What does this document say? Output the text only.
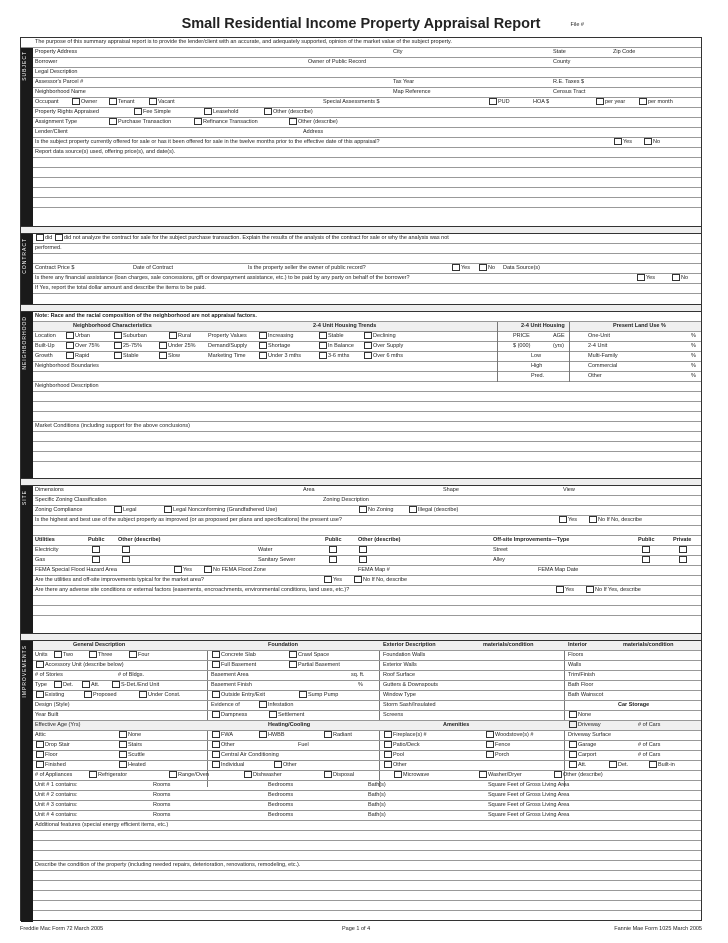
Small Residential Income Property Appraisal Report	File #
SUBJECT
CONTRACT
NEIGHBORHOOD
SITE
IMPROVEMENTS
The purpose of this summary appraisal report is to provide the lender/client with an accurate, and adequately supported, opinion of the market value of the subject property.
Property Address	City	State	Zip Code
Borrower	Owner of Public Record	County
Legal Description
Assessor's Parcel #	Tax Year	R.E. Taxes $
Neighborhood Name	Map Reference	Census Tract
Occupant	Owner	Tenant	Vacant	Special Assessments $	PUD	HOA $	per year	per month
Property Rights Appraised	Fee Simple	Leasehold	Other (describe)
Assignment Type	Purchase Transaction	Refinance Transaction	Other (describe)
Lender/Client	Address
Is the subject property currently offered for sale or has it been offered for sale in the twelve months prior to the effective date of this appraisal?	Yes	No
Report data source(s) used, offering price(s), and date(s).
did did not analyze the contract for sale for the subject purchase transaction. Explain the results of the analysis of the contract for sale or why the analysis was not
performed.
Contract Price $	Date of Contract	Is the property seller the owner of public record?	Yes	No Data Source(s)
Is there any financial assistance (loan charges, sale concessions, gift or downpayment assistance, etc.) to be paid by any party on behalf of the borrower?	Yes	No
If Yes, report the total dollar amount and describe the items to be paid.
Note: Race and the racial composition of the neighborhood are not appraisal factors.
Neighborhood Characteristics	2-4 Unit Housing Trends	2-4 Unit Housing	Present Land Use %
Location	Urban	Suburban	Rural	Property Values	Increasing	Stable	Declining	PRICE	AGE	One-Unit	%
Built-Up	Over 75%	25-75%	Under 25% Demand/Supply	Shortage	In Balance	Over Supply	$ (000)	(yrs)	2-4 Unit	%
Growth	Rapid	Stable	Slow	Marketing Time	Under 3 mths	3-6 mths	Over 6 mths	Low	Multi-Family	%
Neighborhood Boundaries	High	Commercial	%
Pred.	Other	%
Neighborhood Description
Market Conditions (including support for the above conclusions)
Dimensions	Area	Shape	View
Specific Zoning Classification	Zoning Description
Zoning Compliance	Legal	Legal Nonconforming (Grandfathered Use)	No Zoning	Illegal (describe)
Is the highest and best use of the subject property as improved (or as proposed per plans and specifications) the present use?	Yes	No If No, describe
Utilities	Public Other (describe)	Public	Other (describe)	Off-site Improvements—Type	Public	Private
Electricity	Water	Street
Gas	Sanitary Sewer	Alley
FEMA Special Flood Hazard Area	Yes	No FEMA Flood Zone	FEMA Map #	FEMA Map Date
Are the utilities and off-site improvements typical for the market area?	Yes	No If No, describe
Are there any adverse site conditions or external factors (easements, encroachments, environmental conditions, land uses, etc.)?	Yes	No If Yes, describe
General Description	Foundation	Exterior Description	materials/condition	Interior	materials/condition
Units	Two	Three	Four	Concrete Slab	Crawl Space	Foundation Walls	Floors
Accessory Unit (describe below)	Full Basement	Partial Basement	Exterior Walls	Walls
# of Stories	# of Bldgs.	Basement Area	sq. ft.	Roof Surface	Trim/Finish
Type	Det.	Att.	S-Det./End Unit	Basement Finish	%	Gutters & Downspouts	Bath Floor
Existing	Proposed	Under Const.	Outside Entry/Exit	Sump Pump	Window Type	Bath Wainscot
Design (Style)	Evidence of	Infestation	Storm Sash/Insulated	Car Storage
Year Built	Dampness	Settlement	Screens	None
Effective Age (Yrs)	Heating/Cooling	Amenities	Driveway	# of Cars
Attic	None	FWA	HWBB	Radiant	Fireplace(s) #	Woodstove(s) #	Driveway Surface
Drop Stair	Stairs	Other	Fuel	Patio/Deck	Fence	Garage	# of Cars
Floor	Scuttle	Central Air Conditioning	Pool	Porch	Carport	# of Cars
Finished	Heated	Individual	Other	Other	Att.	Det.	Built-in
# of Appliances	Refrigerator	Range/Oven	Dishwasher	Disposal	Microwave	Washer/Dryer	Other (describe)
Unit # 1 contains:	Rooms	Bedrooms	Bath(s)	Square Feet of Gross Living Area
Unit # 2 contains:	Rooms	Bedrooms	Bath(s)	Square Feet of Gross Living Area
Unit # 3 contains:	Rooms	Bedrooms	Bath(s)	Square Feet of Gross Living Area
Unit # 4 contains:	Rooms	Bedrooms	Bath(s)	Square Feet of Gross Living Area
Additional features (special energy efficient items, etc.)
Describe the condition of the property (including needed repairs, deterioration, renovations, remodeling, etc.).
Freddie Mac Form 72 March 2005	Page 1 of 4	Fannie Mae Form 1025 March 2005
